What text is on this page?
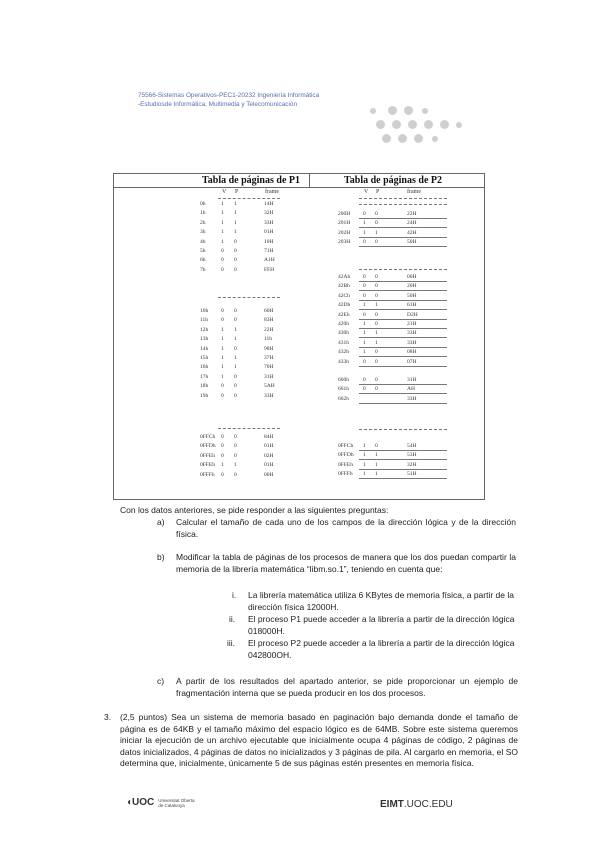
75566-Sistemas Operativos-PEC1-20232 Ingeniería Informática
-Estudiosde Informática, Multimedia y Telecomunicación
Tabla de páginas de P1	Tabla de páginas de P2
V P	frame	V P	frame
0h	1 1	14H
1h	1 1	32H
2h	1 1	33H
3h	1 1	01H
4h	1 0	10H
5h	0 0	71H
6h	0 0	A1H
7h	0 0	FFH
10h 0 0	60H
11h 0 0	83H
12h 1 1	22H
13h 1 1	11h
14h 1 0	98H
15h 1 1	37H
16h 1 1	70H
17h 1 0	31H
18h 0 0	5AH
19h 0 0	33H
0FFCh 0 0	84H
0FFDh 0 0	01H
0FFEh 0 0	02H
0FFEh 1 1	01H
0FFFh 0 0	00H
200H 0 0	22H
201H 1 0	24H
202H 1 1	42H
203H 0 0	50H
42Ah 0 0	00H
42Bh 0 0	20H
42Ch 0 0	50H
42Dh 1 1	61H
42Eh 0 0	D2H
420h	1 0	21H
430h	1 1	33H
431h	1 1	33H
432h	1 0	08H
433h	0 0	07H
660h	0 0	31H
661h	0 0	AH
662h	33H
0FFCh 1 0	54H
0FFDh 1 1	53H
0FFEh 1 1	32H
0FFFh 1 1	51H
Con los datos anteriores, se pide responder a las siguientes preguntas:
a) Calcular el tamaño de cada uno de los campos de la dirección lógica y de la dirección física.
b) Modificar la tabla de páginas de los procesos de manera que los dos puedan compartir la memoria de la librería matemática “libm.so.1”, teniendo en cuenta que:
i. La librería matemática utiliza 6 KBytes de memoria física, a partir de la dirección física 12000H.
ii. El proceso P1 puede acceder a la librería a partir de la dirección lógica 018000H.
iii. El proceso P2 puede acceder a la librería a partir de la dirección lógica 042800OH.
c) A partir de los resultados del apartado anterior, se pide proporcionar un ejemplo de fragmentación interna que se pueda producir en los dos procesos.
3. (2,5 puntos) Sea un sistema de memoria basado en paginación bajo demanda donde el tamaño de página es de 64KB y el tamaño máximo del espacio lógico es de 64MB. Sobre este sistema queremos iniciar la ejecución de un archivo ejecutable que inicialmente ocupa 4 páginas de código, 2 páginas de datos inicializados, 4 páginas de datos no inicializados y 3 páginas de pila. Al cargarlo en memoria, el SO determina que, inicialmente, únicamente 5 de sus páginas estén presentes en memoria física.
◖UOC Universitat Oberta
de Catalunya	EIMT.UOC.EDU
